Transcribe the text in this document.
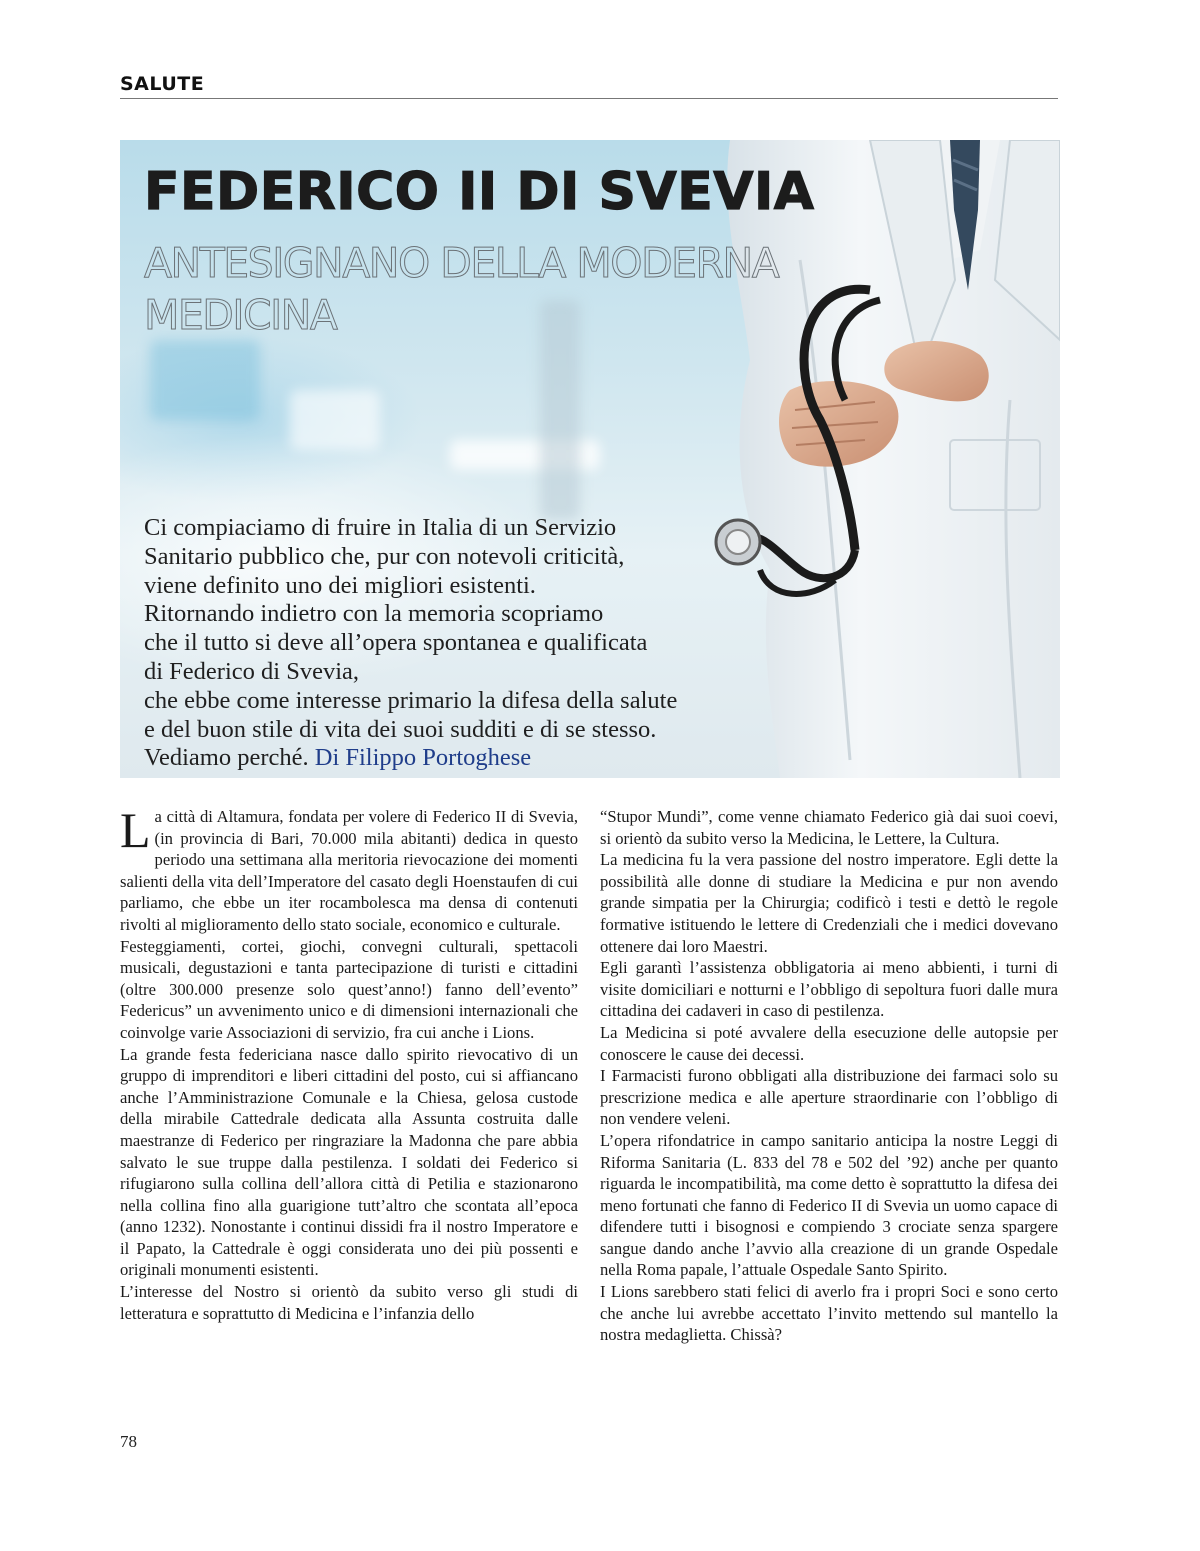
SALUTE
FEDERICO II DI SVEVIA
ANTESIGNANO DELLA MODERNA MEDICINA

Ci compiaciamo di fruire in Italia di un Servizio
Sanitario pubblico che, pur con notevoli criticità,
viene definito uno dei migliori esistenti.
Ritornando indietro con la memoria scopriamo
che il tutto si deve all’opera spontanea e qualificata
di Federico di Svevia,
che ebbe come interesse primario la difesa della salute
e del buon stile di vita dei suoi sudditi e di se stesso.
Vediamo perché. Di Filippo Portoghese

La città di Altamura, fondata per volere di Federico II di Svevia, (in provincia di Bari, 70.000 mila abitanti) dedica in questo periodo una settimana alla meritoria rievocazione dei momenti salienti della vita dell’Imperatore del casato degli Hoenstaufen di cui parliamo, che ebbe un iter rocambolesca ma densa di contenuti rivolti al miglioramento dello stato sociale, economico e culturale.

Festeggiamenti, cortei, giochi, convegni culturali, spettacoli musicali, degustazioni e tanta partecipazione di turisti e cittadini (oltre 300.000 presenze solo quest’anno!) fanno dell’evento” Federicus” un avvenimento unico e di dimensioni internazionali che coinvolge varie Associazioni di servizio, fra cui anche i Lions.

La grande festa federiciana nasce dallo spirito rievocativo di un gruppo di imprenditori e liberi cittadini del posto, cui si affiancano anche l’Amministrazione Comunale e la Chiesa, gelosa custode della mirabile Cattedrale dedicata alla Assunta costruita dalle maestranze di Federico per ringraziare la Madonna che pare abbia salvato le sue truppe dalla pestilenza. I soldati dei Federico si rifugiarono sulla collina dell’allora città di Petilia e stazionarono nella collina fino alla guarigione tutt’altro che scontata all’epoca (anno 1232). Nonostante i continui dissidi fra il nostro Imperatore e il Papato, la Cattedrale è oggi considerata uno dei più possenti e originali monumenti esistenti.

L’interesse del Nostro si orientò da subito verso gli studi di letteratura e soprattutto di Medicina e l’infanzia dello

“Stupor Mundi”, come venne chiamato Federico già dai suoi coevi, si orientò da subito verso la Medicina, le Lettere, la Cultura.

La medicina fu la vera passione del nostro imperatore. Egli dette la possibilità alle donne di studiare la Medicina e pur non avendo grande simpatia per la Chirurgia; codificò i testi e dettò le regole formative istituendo le lettere di Credenziali che i medici dovevano ottenere dai loro Maestri.

Egli garantì l’assistenza obbligatoria ai meno abbienti, i turni di visite domiciliari e notturni e l’obbligo di sepoltura fuori dalle mura cittadina dei cadaveri in caso di pestilenza.

La Medicina si poté avvalere della esecuzione delle autopsie per conoscere le cause dei decessi.

I Farmacisti furono obbligati alla distribuzione dei farmaci solo su prescrizione medica e alle aperture straordinarie con l’obbligo di non vendere veleni.

L’opera rifondatrice in campo sanitario anticipa la nostre Leggi di Riforma Sanitaria (L. 833 del 78 e 502 del ’92) anche per quanto riguarda le incompatibilità, ma come detto è soprattutto la difesa dei meno fortunati che fanno di Federico II di Svevia un uomo capace di difendere tutti i bisognosi e compiendo 3 crociate senza spargere sangue dando anche l’avvio alla creazione di un grande Ospedale nella Roma papale, l’attuale Ospedale Santo Spirito.

I Lions sarebbero stati felici di averlo fra i propri Soci e sono certo che anche lui avrebbe accettato l’invito mettendo sul mantello la nostra medaglietta. Chissà?

78
